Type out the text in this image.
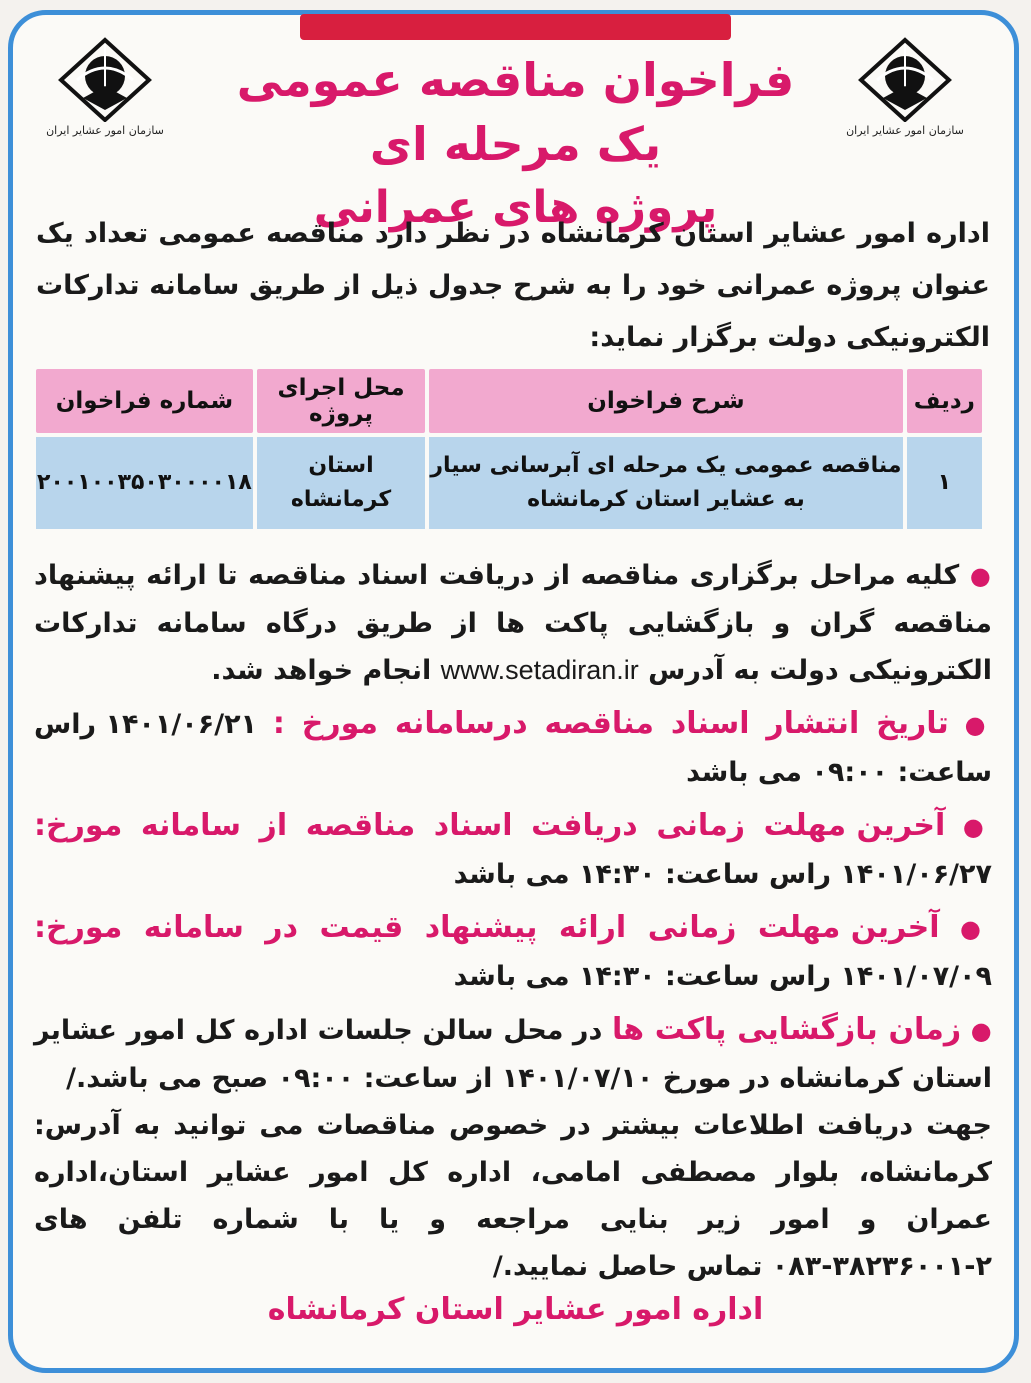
سازمان امور عشایر ایران	سازمان امور عشایر ایران
فراخوان مناقصه عمومی یک مرحله ای
پروژه های عمرانی
اداره امور عشایر استان کرمانشاه در نظر دارد مناقصه عمومی تعداد یک عنوان پروژه عمرانی خود را به شرح جدول ذیل از طریق سامانه تدارکات الکترونیکی دولت برگزار نماید:
ردیف	شرح فراخوان	محل اجرای پروژه	شماره فراخوان
۱	مناقصه عمومی یک مرحله ای آبرسانی سیار به عشایر استان کرمانشاه	استان کرمانشاه	۲۰۰۱۰۰۳۵۰۳۰۰۰۰۱۸

● کلیه مراحل برگزاری مناقصه از دریافت اسناد مناقصه تا ارائه پیشنهاد مناقصه گران و بازگشایی پاکت ها از طریق درگاه سامانه تدارکات الکترونیکی دولت به آدرس www.setadiran.ir انجام خواهد شد.

● تاریخ انتشار اسناد مناقصه درسامانه مورخ : ۱۴۰۱/۰۶/۲۱ راس ساعت: ۰۹:۰۰ می باشد

● آخرین مهلت زمانی دریافت اسناد مناقصه از سامانه مورخ: ۱۴۰۱/۰۶/۲۷ راس ساعت: ۱۴:۳۰ می باشد

● آخرین مهلت زمانی ارائه پیشنهاد قیمت در سامانه مورخ: ۱۴۰۱/۰۷/۰۹ راس ساعت: ۱۴:۳۰ می باشد

● زمان بازگشایی پاکت ها در محل سالن جلسات اداره کل امور عشایر استان کرمانشاه در مورخ ۱۴۰۱/۰۷/۱۰ از ساعت: ۰۹:۰۰ صبح می باشد./

جهت دریافت اطلاعات بیشتر در خصوص مناقصات می توانید به آدرس: کرمانشاه، بلوار مصطفی امامی، اداره کل امور عشایر استان،اداره عمران و امور زیر بنایی مراجعه و یا با شماره تلفن های ۲-۳۸۲۳۶۰۰۱-۰۸۳ تماس حاصل نمایید./

اداره امور عشایر استان کرمانشاه
